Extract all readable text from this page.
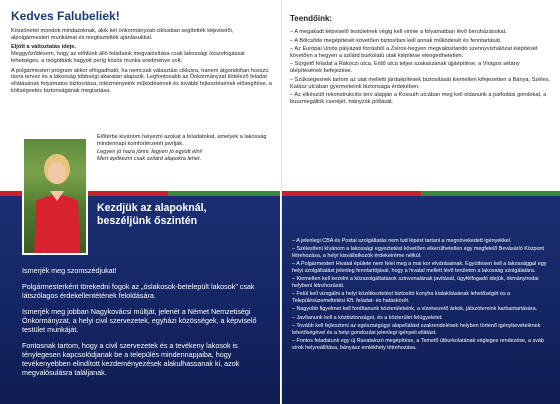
Kedves Falubeliek!

Köszönetet mondok mindazoknak, akik két önkormányzati ciklusban segítették képviselői, alpolgármesteri munkámat és megtisztelték ajánlásukkal.

Eljött a változtatás ideje.
Meggyőződésem, hogy az előttünk álló feladatok megvalósítása csak lakossági összefogással lehetséges, a mögöttünk hagyott períg közös munka eredménye volt.

A polgármesteri program akkor elfogadható, ha nemcsak választási ciklusra, hanem átgondoltan hosszú távra tervez és a lakosság többségi akaratán alapszik. Legfontosabb az Önkormányzat kötelező feladat ellátásának folyamatos biztosítása, intézményeink működésének és további fejlesztésének elősegítése, a költségvetés biztonságának megtartása.

Előtérbe kívánom helyezni azokat a feladatokat, amelyek a lakosság mindennapi komfortérzetét javítják.

Legyen jó haza jönni, legyen jó együtt élni!
Mert építkezni csak szilárd alapokra lehet.

Kezdjük az alapoknál,
beszéljünk őszintén

Ismerjék meg szomszédjukat!

Polgármesterként törekedni fogok az „óslakosok-betelepült lakosok” csak látszólagos érdekellentétének feloldására.

Ismerjék meg jobban Nagykovácsi múltját, jelenét a Német Nemzetiségi Önkormányzat, a helyi civil szervezetek, egyházi közösségek, a képviselő testület munkáját.

Fontosnak tartom, hogy a civil szervezetek és a tevékeny lakosok is ténylegesen kapcsolódjanak be a település mindennapjaiba, hogy tevékenyebben elindított kezdeményezések alakulhassanak ki, azok megvalósulásra találjanak.

Teendőink:
– A megakadt képviselő testületnek végig kell vinnie a folyamatban lévő beruházásokat.
– A Bölcsőde megépítését követően biztosítani kell annak működését és fenntartását.
– Az Európai Uniós pályázati forrásból a Zsíros-hegyen megvalósítandó szennyvízhálózat kiépítését követően a hegyen a szilárd burkolatú utak kiépítése elengedhetetlen.
– Sürgető feladat a Rákóczi utca, Erdő utca teljes szakaszának újjáépítése, a Virágos sétány útépítésének befejezése.
– Szükségesnek tartom az utat melletti járdaépítések biztosítását kiemelten kifejezetten a Bánya, Széles, Kalász utcában gyermekeink biztonsága érdekében.
– Az elkészült rekonstrukciós terv alapján a Kossuth utcában meg kell oldanunk a parkolási gondokat, a buszmegállók cseréjét, hiányzók pótlását.
– A jelenlegi CBA és Postai szolgáltatás nem tud lépést tartani a megnövekedett igényekkel.
– Szélesíteni kívánom a lakossági egyeztetést követően elkerülhetetlen egy megfelelő Bevásárló Központ létrehozása, a helyi kisvállalkozók érdekeiréme nélkül.
– A Polgármesteri Hivatal épülete nem felel meg a mai kor elvárásainak. Együttesen kell a lakossággal egy helyi szolgáltatást jelenleg fenntartójával, hogy a hivatal mellett lévő területen a lakosság szolgálatára.
– Kiemelten kell kezelni a közszolgáltatások szinvonalának javítását, ügyfélfogadó idejük, ökmányirodai helybeni létrehozását.
– Felül kell vizsgálni a helyi közétkeztetést biztosító konyha kialakításának lehetőségét és a Településüzemeltetési Kft. feladat- és hatáskörét.
– Nagyobb figyelmet kell fordítanunk közterületeink, a vízelvezető árkok, játszótereink karbantartására.
– Javítanunk kell a közbiztonságot, és a közterület felügyeletet.
– Tovább kell fejleszteni az egészségügyi alapellátást szakrendelések helyben történő igénybevételének lehetőségével és a helyi gondozási jelenlegi igényeli ellátást.
– Fontos feladatunk egy új Ravatalozó megépítése, a Temető útburkolatának végleges rendezése, a sváb sírok helyreállítása, bányász emlékhely létrehozása.
